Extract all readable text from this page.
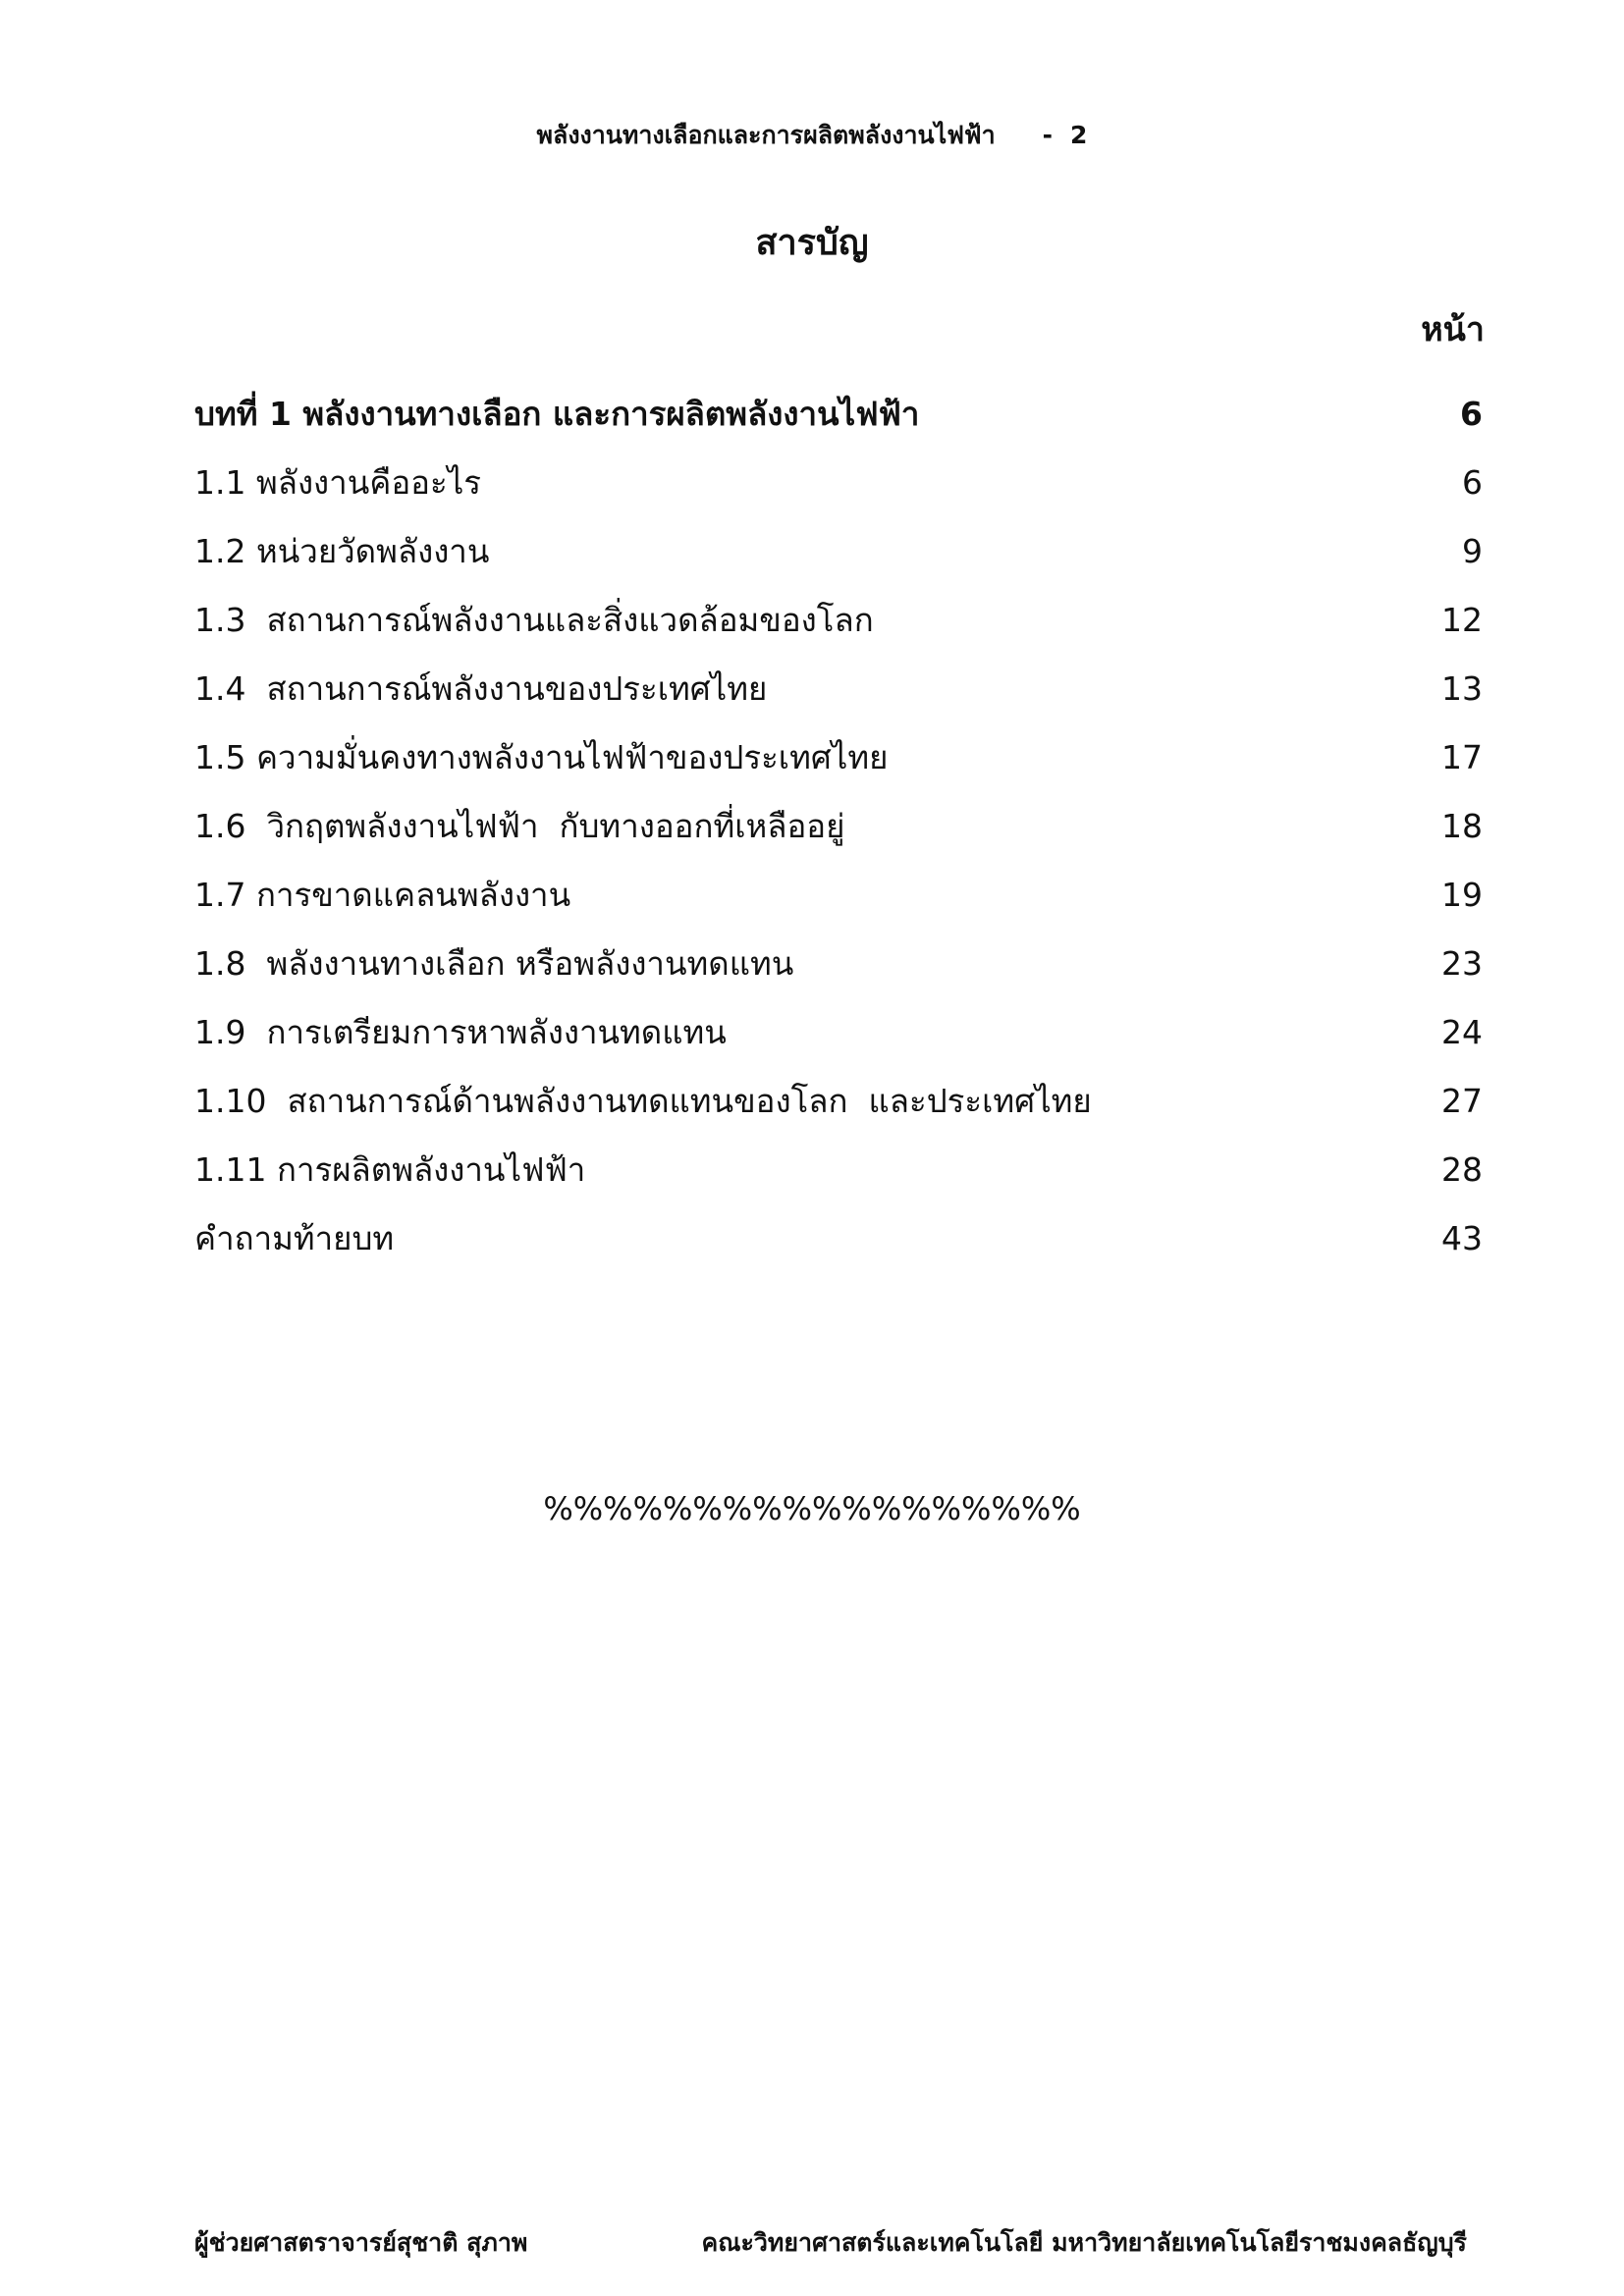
พลังงานทางเลือกและการผลิตพลังงานไฟฟ้า - 2
สารบัญ
หน้า
บทที่ 1 พลังงานทางเลือก และการผลิตพลังงานไฟฟ้า	6
1.1 พลังงานคืออะไร	6
1.2 หน่วยวัดพลังงาน	9
1.3  สถานการณ์พลังงานและสิ่งแวดล้อมของโลก	12
1.4  สถานการณ์พลังงานของประเทศไทย	13
1.5 ความมั่นคงทางพลังงานไฟฟ้าของประเทศไทย	17
1.6  วิกฤตพลังงานไฟฟ้า  กับทางออกที่เหลืออยู่	18
1.7 การขาดแคลนพลังงาน	19
1.8  พลังงานทางเลือก หรือพลังงานทดแทน	23
1.9  การเตรียมการหาพลังงานทดแทน	24
1.10  สถานการณ์ด้านพลังงานทดแทนของโลก  และประเทศไทย	27
1.11 การผลิตพลังงานไฟฟ้า	28
คำถามท้ายบท	43
%%%%%%%%%%%%%%%%%%
ผู้ช่วยศาสตราจารย์สุชาติ สุภาพ	คณะวิทยาศาสตร์และเทคโนโลยี มหาวิทยาลัยเทคโนโลยีราชมงคลธัญบุรี
